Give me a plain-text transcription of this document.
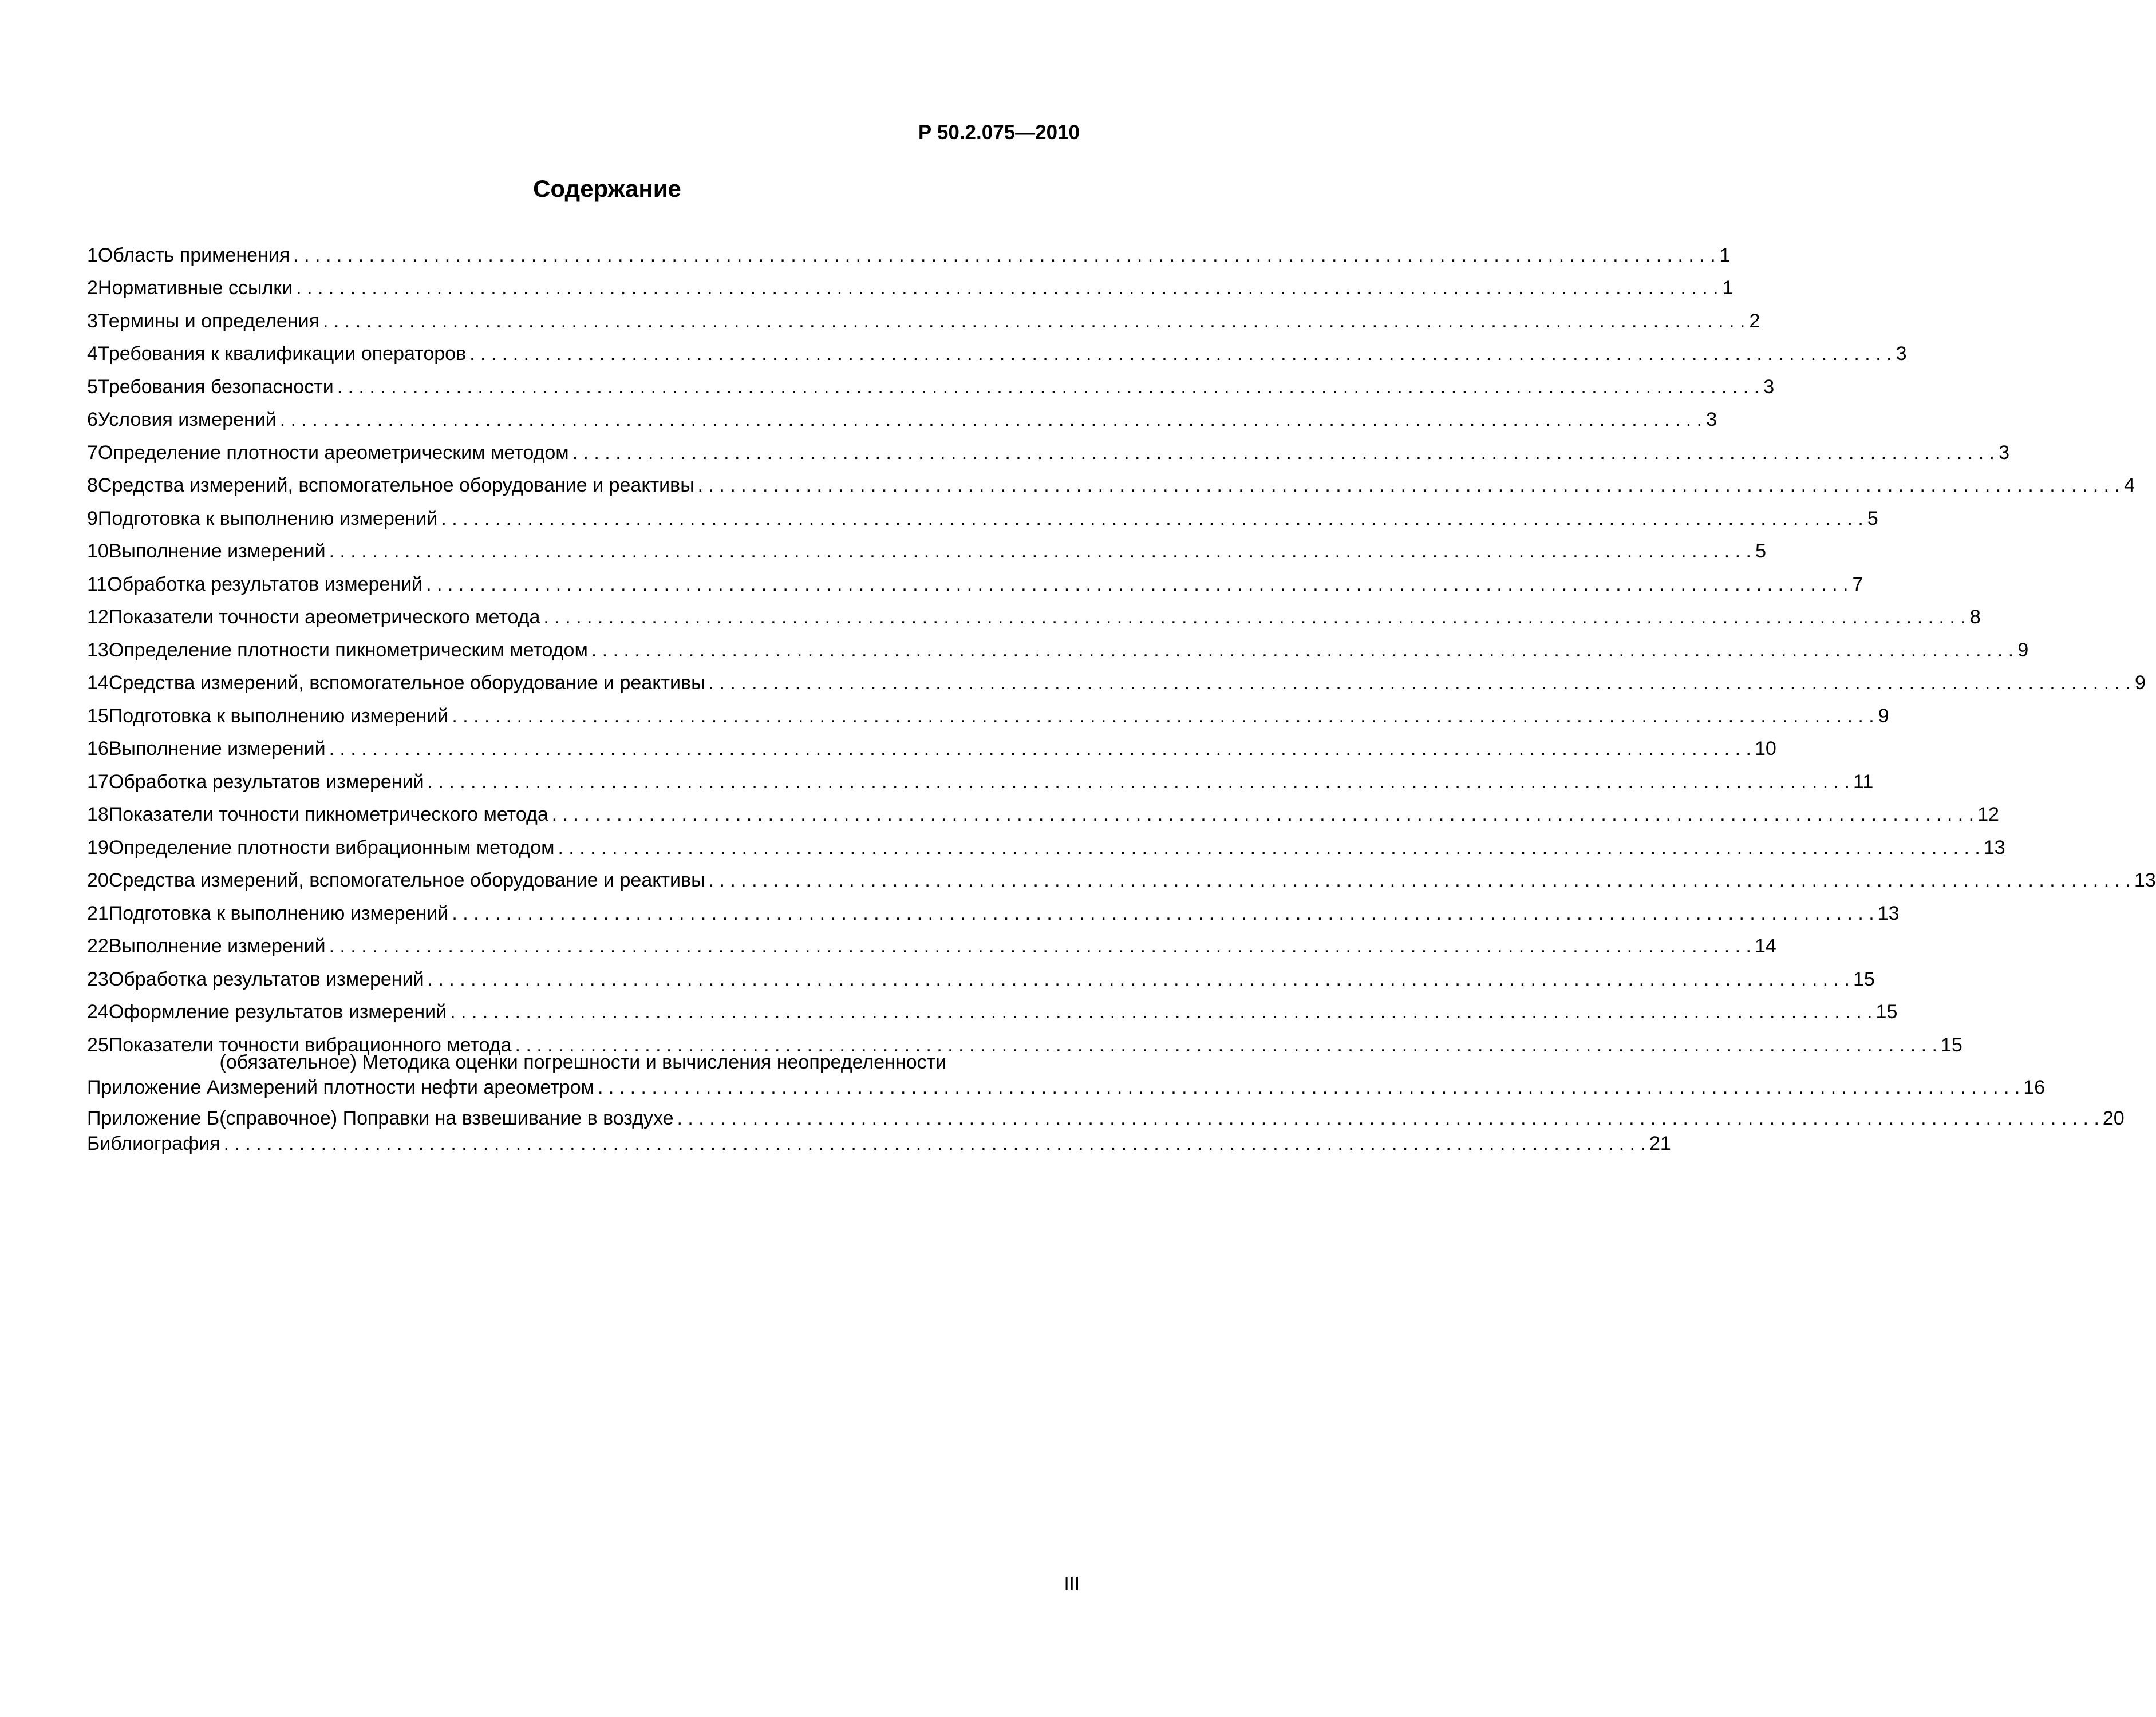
Р 50.2.075—2010
Содержание
1 Область применения . . .	1
2 Нормативные ссылки . . .	1
3 Термины и определения . . .	2
4 Требования к квалификации операторов . . .	3
5 Требования безопасности . . .	3
6 Условия измерений . . .	3
7 Определение плотности ареометрическим методом . . .	3
8 Средства измерений, вспомогательное оборудование и реактивы . . .	4
9 Подготовка к выполнению измерений . . .	5
10 Выполнение измерений . . .	5
11 Обработка результатов измерений . . .	7
12 Показатели точности ареометрического метода . . .	8
13 Определение плотности пикнометрическим методом . . .	9
14 Средства измерений, вспомогательное оборудование и реактивы . . .	9
15 Подготовка к выполнению измерений . . .	9
16 Выполнение измерений . . .	10
17 Обработка результатов измерений . . .	11
18 Показатели точности пикнометрического метода . . .	12
19 Определение плотности вибрационным методом . . .	13
20 Средства измерений, вспомогательное оборудование и реактивы . . .	13
21 Подготовка к выполнению измерений . . .	13
22 Выполнение измерений . . .	14
23 Обработка результатов измерений . . .	15
24 Оформление результатов измерений . . .	15
25 Показатели точности вибрационного метода . . .	15
Приложение А
(обязательное) Методика оценки погрешности и вычисления неопределенности
измерений плотности нефти ареометром . . .	16
Приложение Б (справочное) Поправки на взвешивание в воздухе . . .	20
Библиография . . .	21
III
